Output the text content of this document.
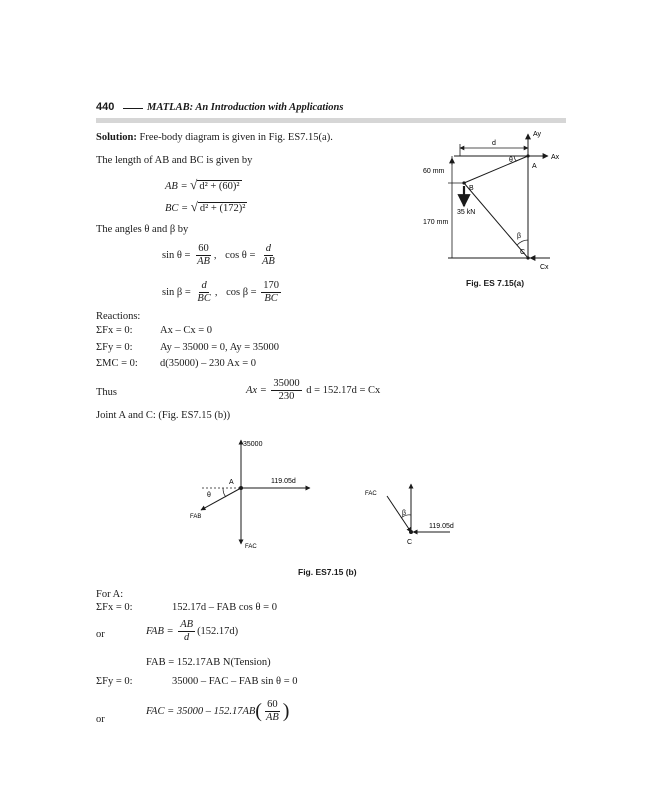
440	MATLAB: An Introduction with Applications
Solution: Free-body diagram is given in Fig. ES7.15(a).
The length of AB and BC is given by
AB = √ d² + (60)²
BC = √ d² + (172)²
The angles θ and β by
$\sin \theta = \frac{60}{AB}$ , $\cos \theta = \frac{d}{AB}$
$\sin \beta = \frac{d}{BC}$ , $\cos \beta = \frac{170}{BC}$
Reactions:
ΣFx = 0:	Ax – Cx = 0
ΣFy = 0:	Ay – 35000 = 0, Ay = 35000
ΣMC = 0: d(35000) – 230 Ax = 0
Thus	$Ax = \frac{35000}{230}$ d = 152.17d = Cx
Joint A and C: (Fig. ES7.15 (b))
Ay
Ax
Cx
d
θ
A
B
C
β
60 mm
170 mm
35 kN
Fig. ES 7.15(a)
35000
A	119.05d
θ
FAB
FAC
FAC
β
119.05d
C
Fig. ES7.15 (b)
For A:
ΣFx = 0:	152.17d – FAB cos θ = 0
or	FAB = $\frac{AB}{d} (152.17d)$
FAB = 152.17AB N(Tension)
ΣFy = 0:	35000 – FAC – FAB sin θ = 0
or
FAC = $35000 - 152.17AB( \frac{60}{AB}$ )
